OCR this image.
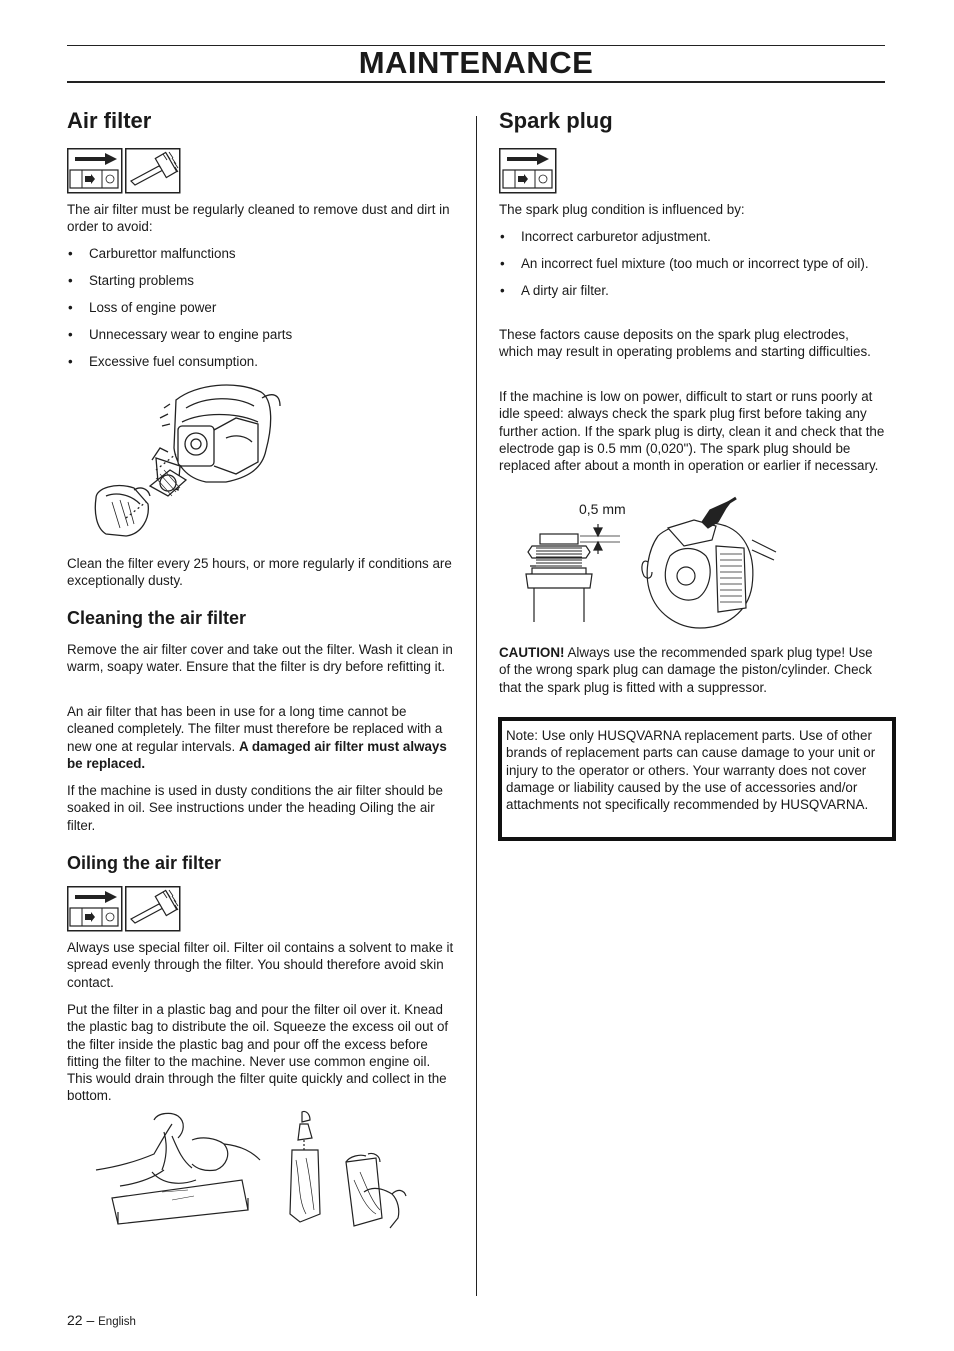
MAINTENANCE
Air filter

The air filter must be regularly cleaned to remove dust and dirt in order to avoid:

• Carburettor malfunctions
• Starting problems
• Loss of engine power
• Unnecessary wear to engine parts
• Excessive fuel consumption.

Clean the filter every 25 hours, or more regularly if conditions are exceptionally dusty.

Cleaning the air filter

Remove the air filter cover and take out the filter. Wash it clean in warm, soapy water. Ensure that the filter is dry before refitting it.

An air filter that has been in use for a long time cannot be cleaned completely. The filter must therefore be replaced with a new one at regular intervals. A damaged air filter must always be replaced.

If the machine is used in dusty conditions the air filter should be soaked in oil. See instructions under the heading Oiling the air filter.

Oiling the air filter

Always use special filter oil. Filter oil contains a solvent to make it spread evenly through the filter. You should therefore avoid skin contact.

Put the filter in a plastic bag and pour the filter oil over it. Knead the plastic bag to distribute the oil. Squeeze the excess oil out of the filter inside the plastic bag and pour off the excess before fitting the filter to the machine. Never use common engine oil. This would drain through the filter quite quickly and collect in the bottom.

Spark plug

The spark plug condition is influenced by:

• Incorrect carburetor adjustment.
• An incorrect fuel mixture (too much or incorrect type of oil).
• A dirty air filter.

These factors cause deposits on the spark plug electrodes, which may result in operating problems and starting difficulties.

If the machine is low on power, difficult to start or runs poorly at idle speed: always check the spark plug first before taking any further action. If the spark plug is dirty, clean it and check that the electrode gap is 0.5 mm (0,020"). The spark plug should be replaced after about a month in operation or earlier if necessary.

0,5 mm

CAUTION! Always use the recommended spark plug type! Use of the wrong spark plug can damage the piston/cylinder. Check that the spark plug is fitted with a suppressor.

Note: Use only HUSQVARNA replacement parts. Use of other brands of replacement parts can cause damage to your unit or injury to the operator or others. Your warranty does not cover damage or liability caused by the use of accessories and/or attachments not specifically recommended by HUSQVARNA.

22 – English
